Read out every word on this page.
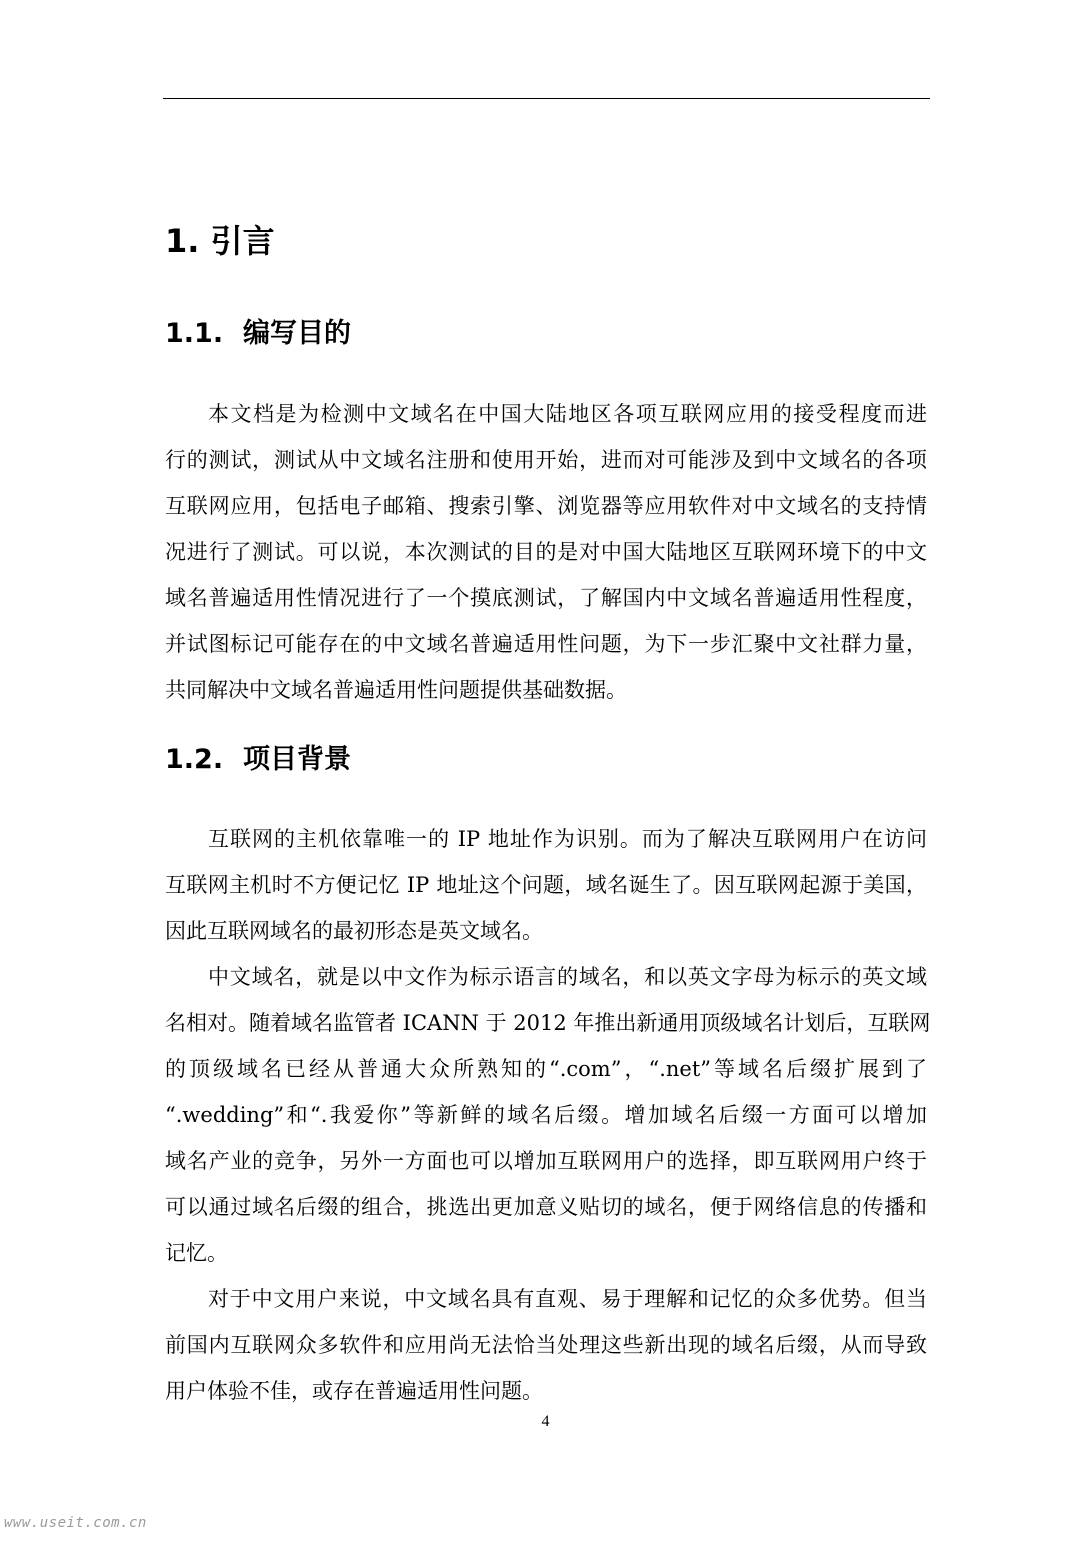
1. 引言
1.1. 编写目的
本文档是为检测中文域名在中国大陆地区各项互联网应用的接受程度而进
行的测试，测试从中文域名注册和使用开始，进而对可能涉及到中文域名的各项
互联网应用，包括电子邮箱、搜索引擎、浏览器等应用软件对中文域名的支持情
况进行了测试。可以说，本次测试的目的是对中国大陆地区互联网环境下的中文
域名普遍适用性情况进行了一个摸底测试，了解国内中文域名普遍适用性程度，
并试图标记可能存在的中文域名普遍适用性问题，为下一步汇聚中文社群力量，
共同解决中文域名普遍适用性问题提供基础数据。
1.2. 项目背景
互联网的主机依靠唯一的 IP 地址作为识别。而为了解决互联网用户在访问
互联网主机时不方便记忆 IP 地址这个问题，域名诞生了。因互联网起源于美国，
因此互联网域名的最初形态是英文域名。
中文域名，就是以中文作为标示语言的域名，和以英文字母为标示的英文域
名相对。随着域名监管者 ICANN 于 2012 年推出新通用顶级域名计划后，互联网
的顶级域名已经从普通大众所熟知的“.com”，“.net”等域名后缀扩展到了
“.wedding”和“.我爱你”等新鲜的域名后缀。增加域名后缀一方面可以增加
域名产业的竞争，另外一方面也可以增加互联网用户的选择，即互联网用户终于
可以通过域名后缀的组合，挑选出更加意义贴切的域名，便于网络信息的传播和
记忆。
对于中文用户来说，中文域名具有直观、易于理解和记忆的众多优势。但当
前国内互联网众多软件和应用尚无法恰当处理这些新出现的域名后缀，从而导致
用户体验不佳，或存在普遍适用性问题。
4
www.useit.com.cn
